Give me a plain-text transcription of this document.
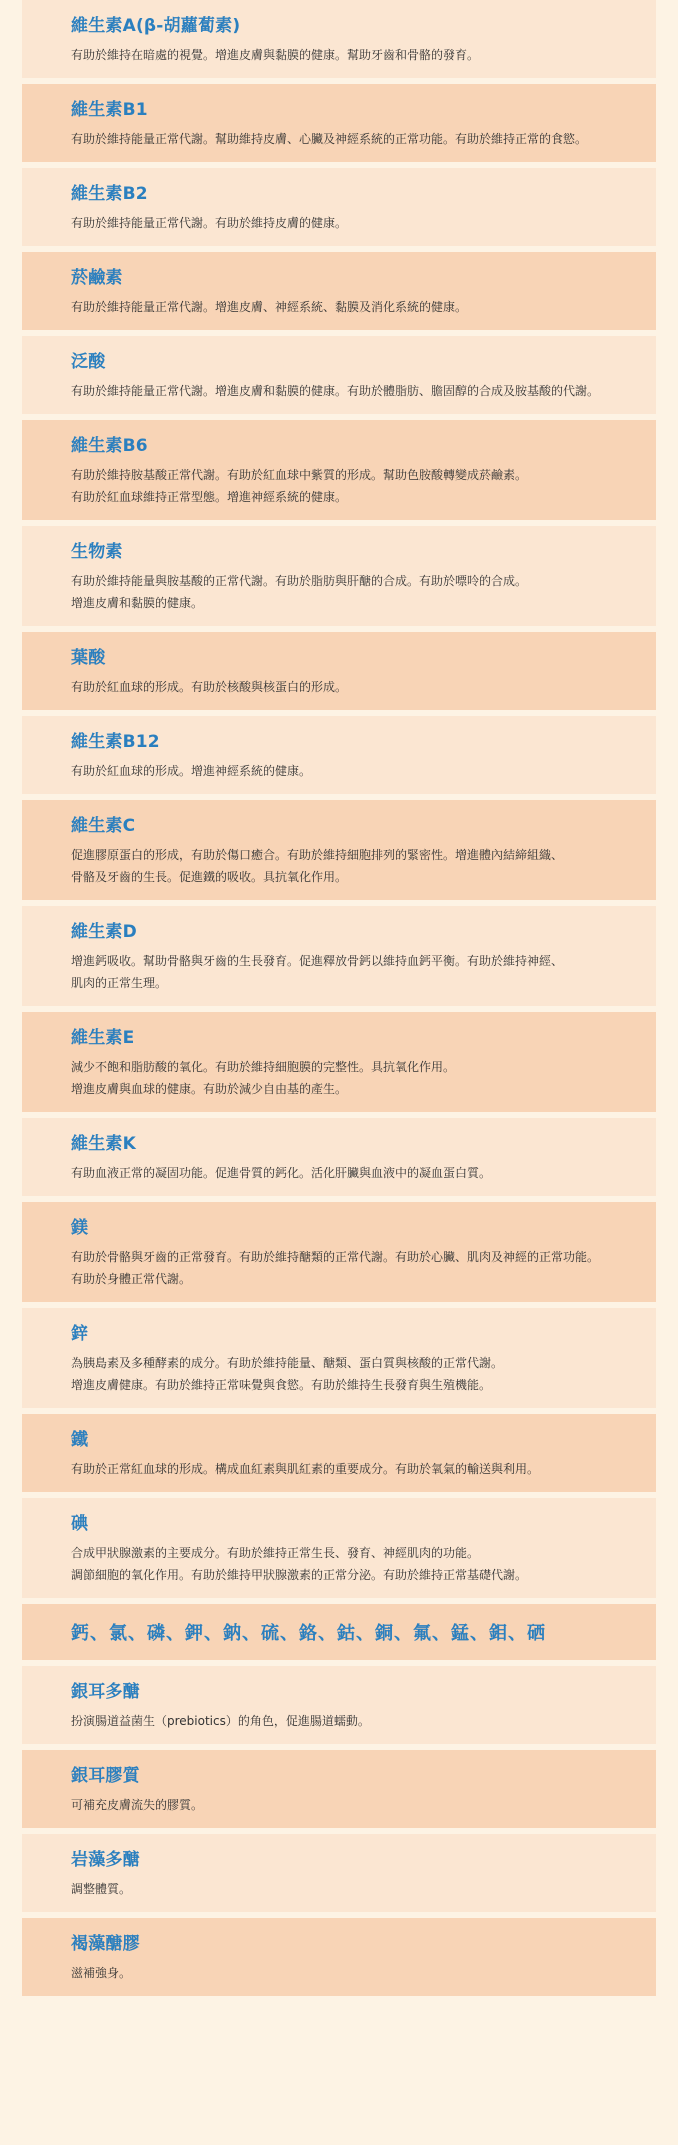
維生素A(β-胡蘿蔔素)
有助於維持在暗處的視覺。增進皮膚與黏膜的健康。幫助牙齒和骨骼的發育。
維生素B1
有助於維持能量正常代謝。幫助維持皮膚、心臟及神經系統的正常功能。有助於維持正常的食慾。
維生素B2
有助於維持能量正常代謝。有助於維持皮膚的健康。
菸鹼素
有助於維持能量正常代謝。增進皮膚、神經系統、黏膜及消化系統的健康。
泛酸
有助於維持能量正常代謝。增進皮膚和黏膜的健康。有助於體脂肪、膽固醇的合成及胺基酸的代謝。
維生素B6
有助於維持胺基酸正常代謝。有助於紅血球中紫質的形成。幫助色胺酸轉變成菸鹼素。
有助於紅血球維持正常型態。增進神經系統的健康。
生物素
有助於維持能量與胺基酸的正常代謝。有助於脂肪與肝醣的合成。有助於嘌呤的合成。
增進皮膚和黏膜的健康。
葉酸
有助於紅血球的形成。有助於核酸與核蛋白的形成。
維生素B12
有助於紅血球的形成。增進神經系統的健康。
維生素C
促進膠原蛋白的形成，有助於傷口癒合。有助於維持細胞排列的緊密性。增進體內結締組織、
骨骼及牙齒的生長。促進鐵的吸收。具抗氧化作用。
維生素D
增進鈣吸收。幫助骨骼與牙齒的生長發育。促進釋放骨鈣以維持血鈣平衡。有助於維持神經、
肌肉的正常生理。
維生素E
減少不飽和脂肪酸的氧化。有助於維持細胞膜的完整性。具抗氧化作用。
增進皮膚與血球的健康。有助於減少自由基的產生。
維生素K
有助血液正常的凝固功能。促進骨質的鈣化。活化肝臟與血液中的凝血蛋白質。
鎂
有助於骨骼與牙齒的正常發育。有助於維持醣類的正常代謝。有助於心臟、肌肉及神經的正常功能。
有助於身體正常代謝。
鋅
為胰島素及多種酵素的成分。有助於維持能量、醣類、蛋白質與核酸的正常代謝。
增進皮膚健康。有助於維持正常味覺與食慾。有助於維持生長發育與生殖機能。
鐵
有助於正常紅血球的形成。構成血紅素與肌紅素的重要成分。有助於氧氣的輸送與利用。
碘
合成甲狀腺激素的主要成分。有助於維持正常生長、發育、神經肌肉的功能。
調節細胞的氧化作用。有助於維持甲狀腺激素的正常分泌。有助於維持正常基礎代謝。
鈣、氯、磷、鉀、鈉、硫、鉻、鈷、銅、氟、錳、鉬、硒
銀耳多醣
扮演腸道益菌生（prebiotics）的角色，促進腸道蠕動。
銀耳膠質
可補充皮膚流失的膠質。
岩藻多醣
調整體質。
褐藻醣膠
滋補強身。
